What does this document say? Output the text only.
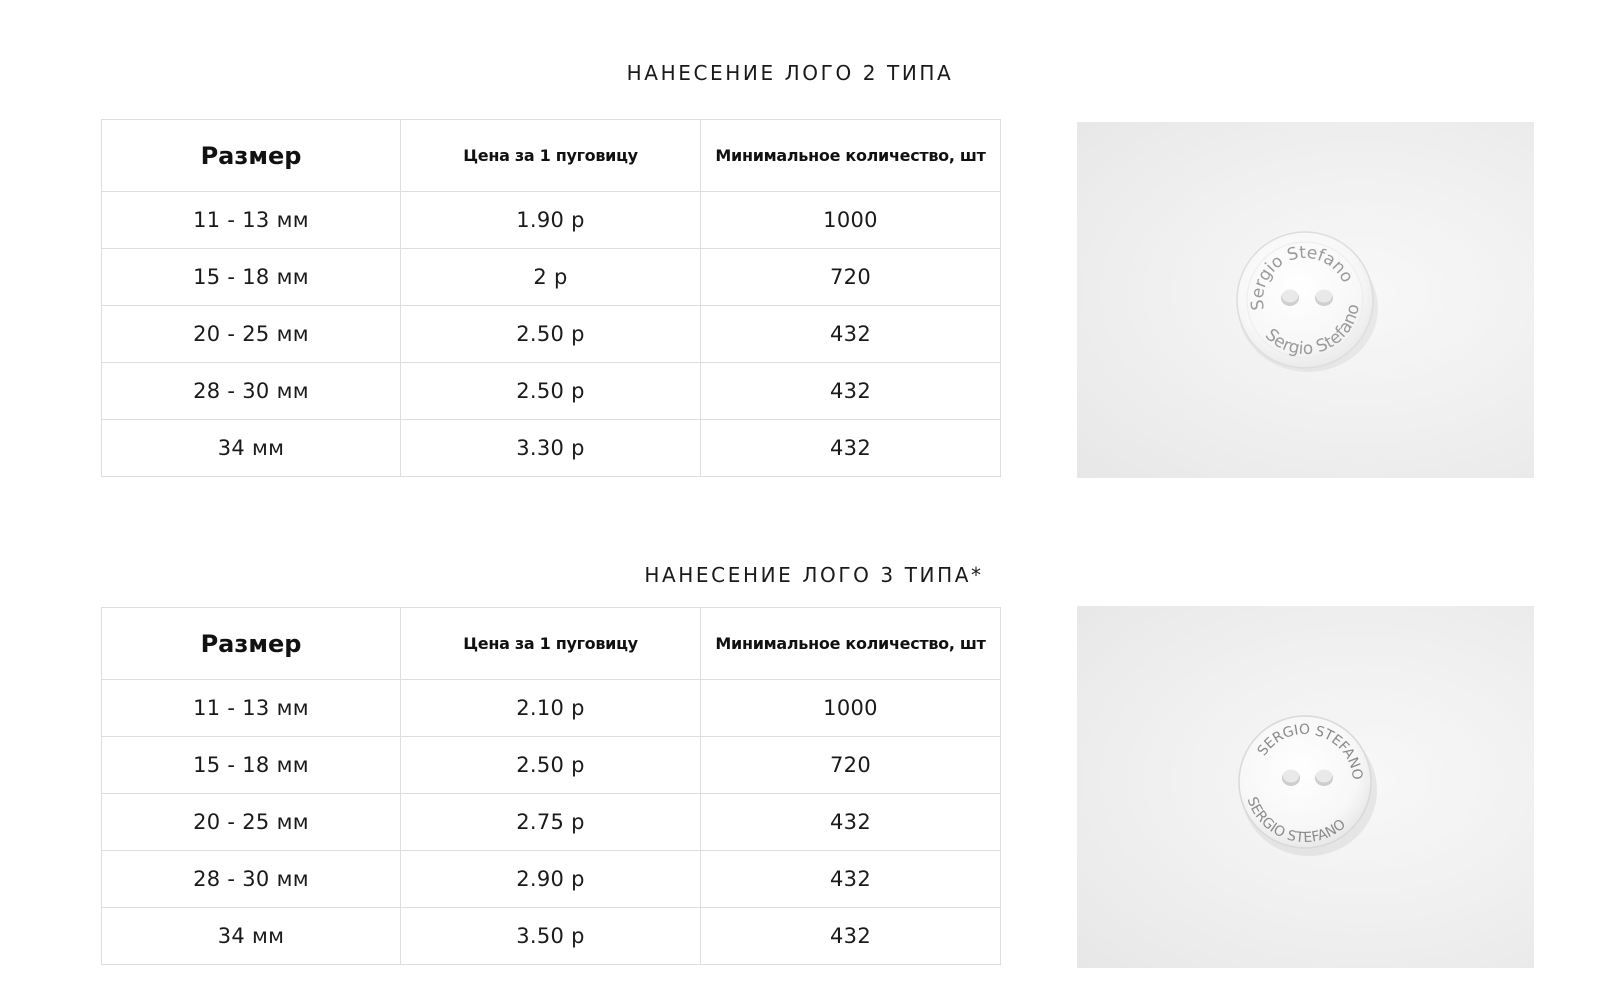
НАНЕСЕНИЕ ЛОГО 2 ТИПА
Размер	Цена за 1 пуговицу	Минимальное количество, шт
11 - 13 мм	1.90 р	1000
15 - 18 мм	2 р	720
20 - 25 мм	2.50 р	432
28 - 30 мм	2.50 р	432
34 мм	3.30 р	432
Sergio Stefano
Sergio Stefano
НАНЕСЕНИЕ ЛОГО 3 ТИПА*
Размер	Цена за 1 пуговицу	Минимальное количество, шт
11 - 13 мм	2.10 р	1000
15 - 18 мм	2.50 р	720
20 - 25 мм	2.75 р	432
28 - 30 мм	2.90 р	432
34 мм	3.50 р	432
SERGIO STEFANO
SERGIO STEFANO
